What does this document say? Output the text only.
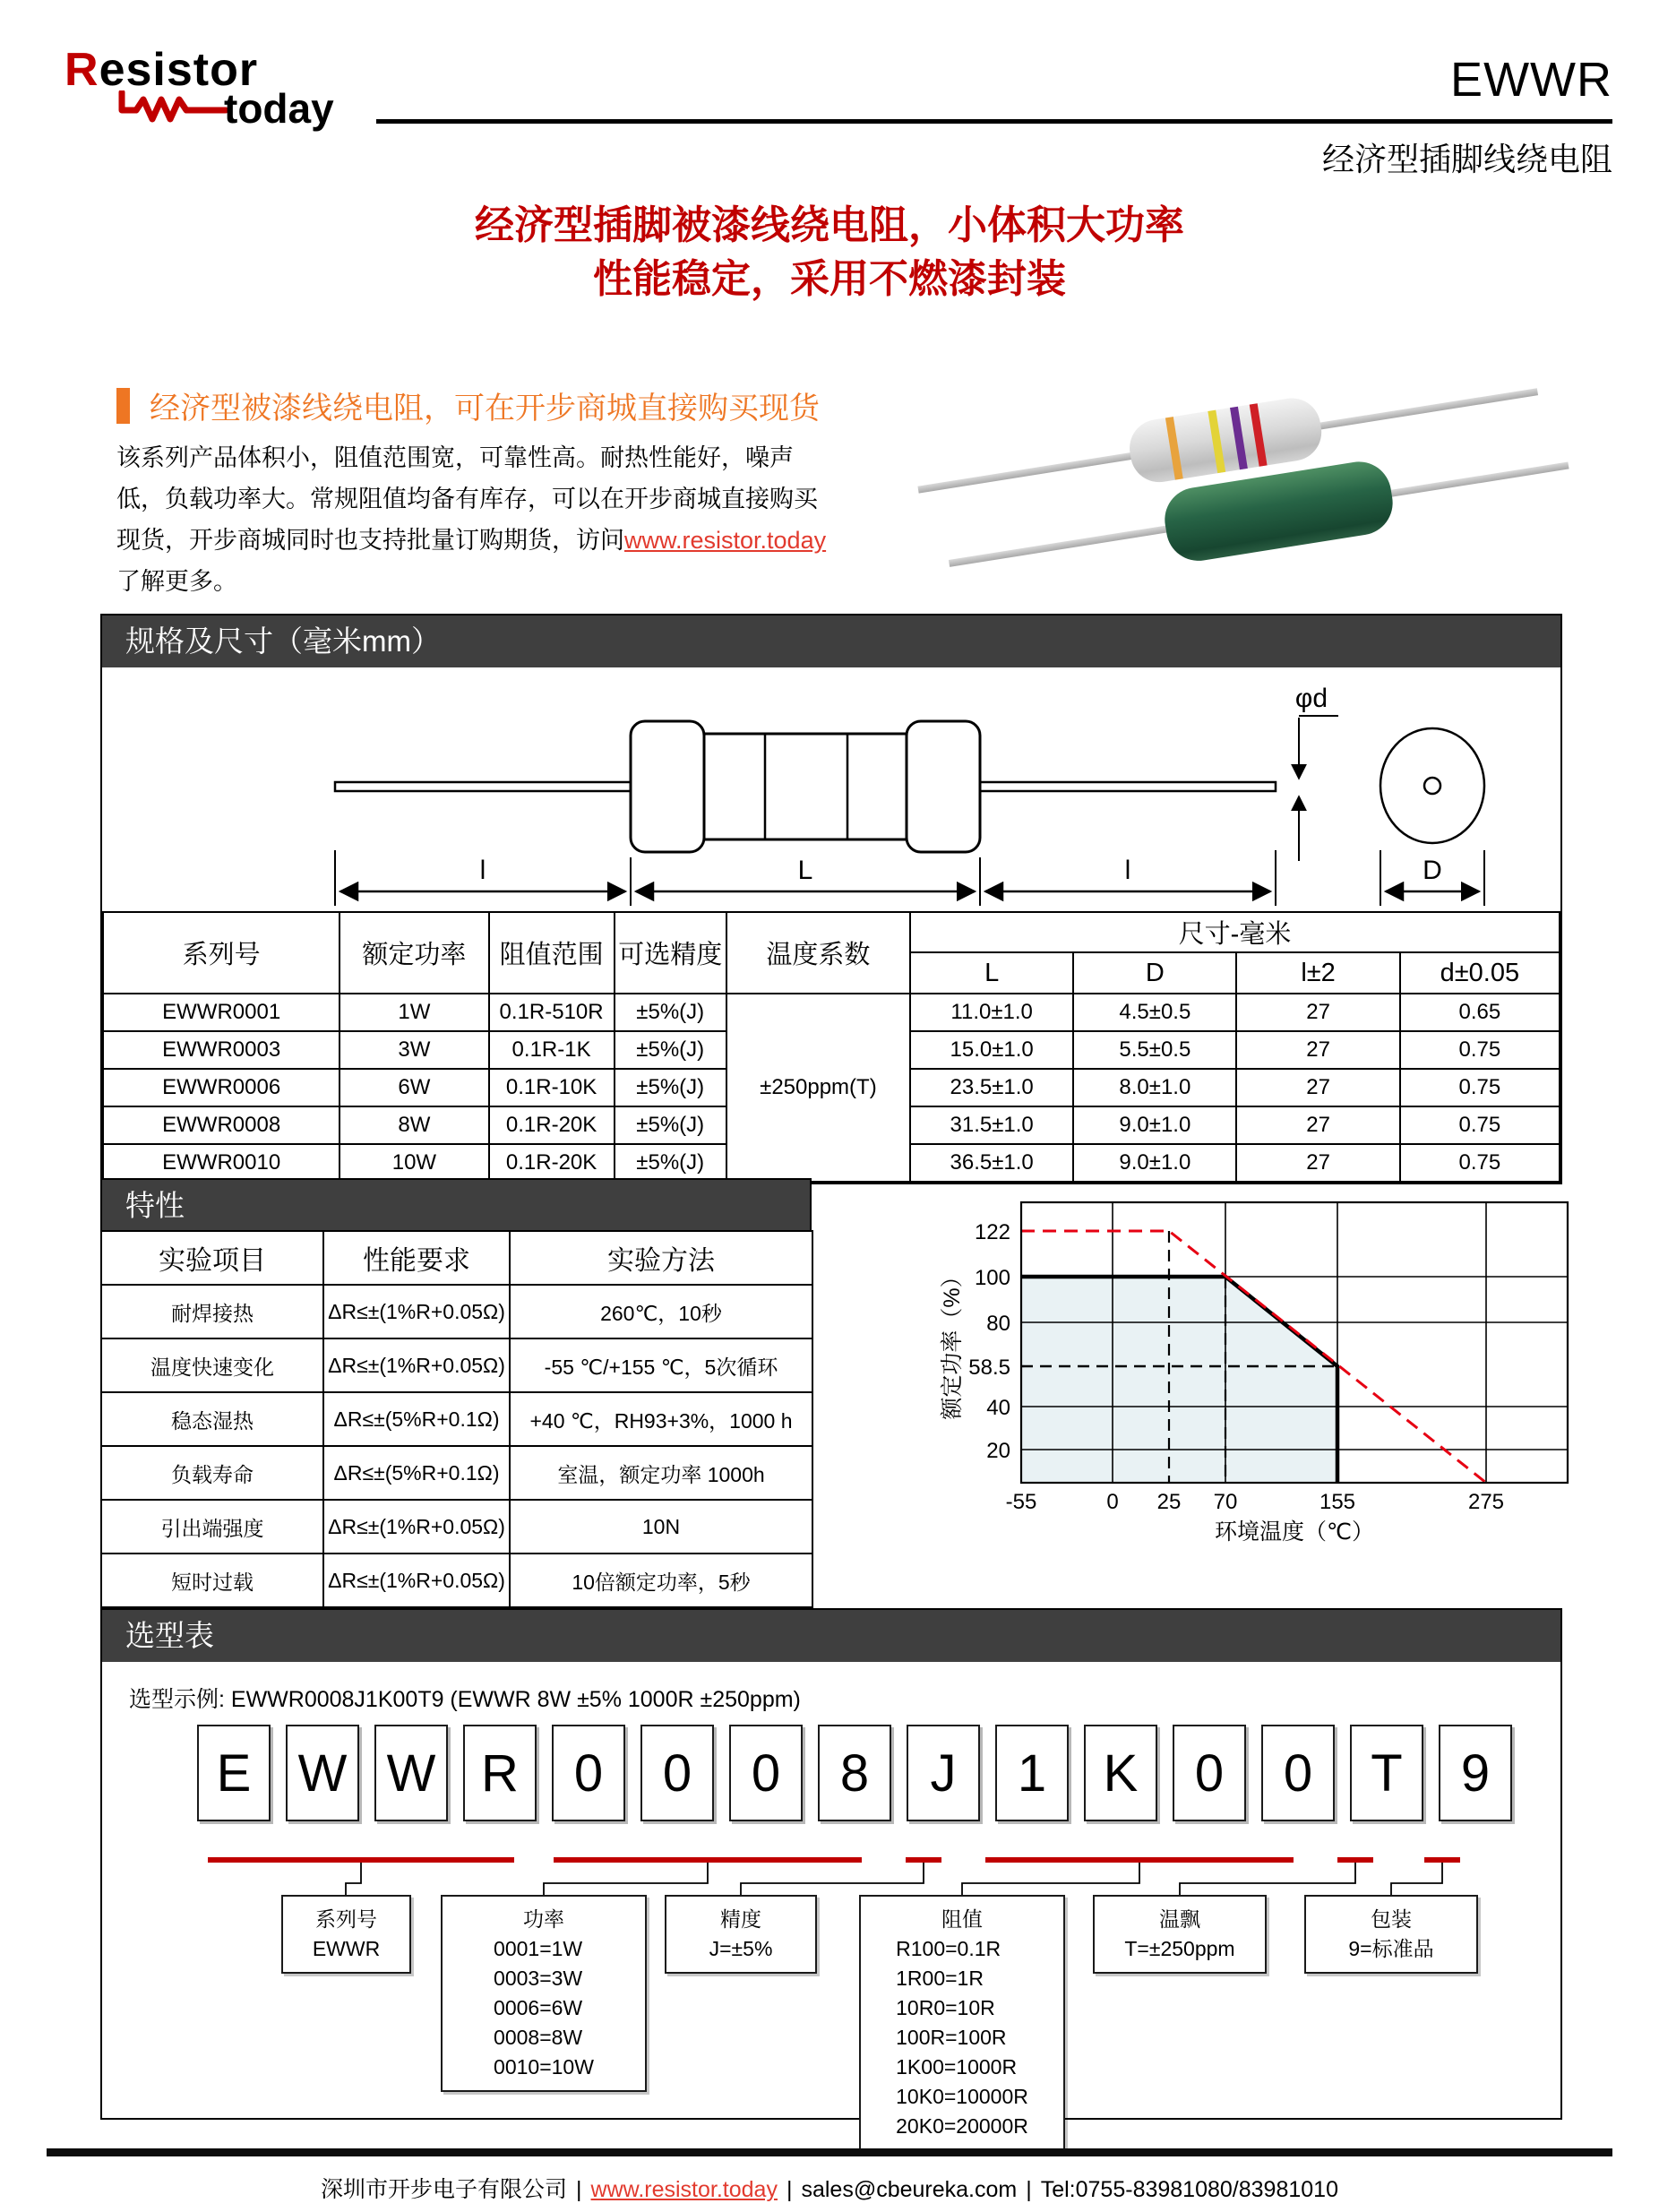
Resistor
today
EWWR
经济型插脚线绕电阻
经济型插脚被漆线绕电阻，小体积大功率
性能稳定，采用不燃漆封装
经济型被漆线绕电阻，可在开步商城直接购买现货
该系列产品体积小，阻值范围宽，可靠性高。耐热性能好，噪声低，负载功率大。常规阻值均备有库存，可以在开步商城直接购买现货，开步商城同时也支持批量订购期货，访问www.resistor.today了解更多。
规格及尺寸（毫米mm）
φd
l	L	l	D
系列号	额定功率	阻值范围	可选精度	温度系数	尺寸-毫米			
					L	D	l±2	d±0.05
EWWR0001	1W	0.1R-510R	±5%(J)	±250ppm(T)	11.0±1.0	4.5±0.5	27	0.65
EWWR0003	3W	0.1R-1K	±5%(J)		15.0±1.0	5.5±0.5	27	0.75
EWWR0006	6W	0.1R-10K	±5%(J)		23.5±1.0	8.0±1.0	27	0.75
EWWR0008	8W	0.1R-20K	±5%(J)		31.5±1.0	9.0±1.0	27	0.75
EWWR0010	10W	0.1R-20K	±5%(J)		36.5±1.0	9.0±1.0	27	0.75
特性
实验项目	性能要求	实验方法
耐焊接热	ΔR≤±(1%R+0.05Ω)	260℃，10秒
温度快速变化	ΔR≤±(1%R+0.05Ω)	-55 ℃/+155 ℃，5次循环
稳态湿热	ΔR≤±(5%R+0.1Ω)	+40 ℃，RH93+3%，1000 h
负载寿命	ΔR≤±(5%R+0.1Ω)	室温，额定功率 1000h
引出端强度	ΔR≤±(1%R+0.05Ω)	10N
短时过载	ΔR≤±(1%R+0.05Ω)	10倍额定功率，5秒
-55	0 25 70	155	275
122
100
80
58.5
40
20
环境温度（℃）
额定功率（%）
选型表
选型示例: EWWR0008J1K00T9 (EWWR 8W ±5% 1000R ±250ppm)
E W W R	0	0	0	8	J	1	K	0	0	T	9
系列号
EWWR
功率
0001=1W
0003=3W
0006=6W
0008=8W
0010=10W
精度
J=±5%
阻值
R100=0.1R
1R00=1R
10R0=10R
100R=100R
1K00=1000R
10K0=10000R
20K0=20000R
温飘
T=±250ppm
包装
9=标准品
深圳市开步电子有限公司 | www.resistor.today | sales@cbeureka.com | Tel:0755-83981080/83981010
